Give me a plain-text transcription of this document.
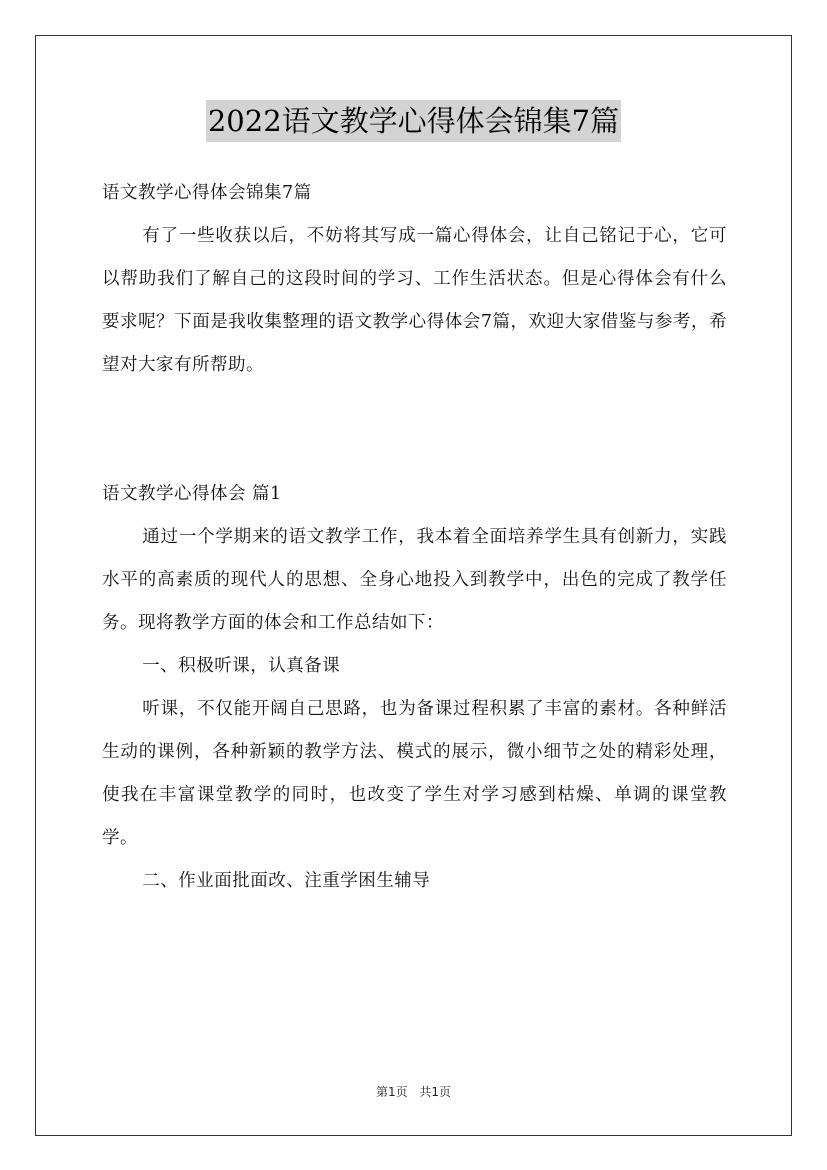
2022语文教学心得体会锦集7篇

语文教学心得体会锦集7篇

有了一些收获以后，不妨将其写成一篇心得体会，让自己铭记于心，它可以帮助我们了解自己的这段时间的学习、工作生活状态。但是心得体会有什么要求呢？下面是我收集整理的语文教学心得体会7篇，欢迎大家借鉴与参考，希望对大家有所帮助。

语文教学心得体会 篇1

通过一个学期来的语文教学工作，我本着全面培养学生具有创新力，实践水平的高素质的现代人的思想、全身心地投入到教学中，出色的完成了教学任务。现将教学方面的体会和工作总结如下：

一、积极听课，认真备课

听课，不仅能开阔自己思路，也为备课过程积累了丰富的素材。各种鲜活生动的课例，各种新颖的教学方法、模式的展示，微小细节之处的精彩处理，使我在丰富课堂教学的同时，也改变了学生对学习感到枯燥、单调的课堂教学。

二、作业面批面改、注重学困生辅导

第1页 共1页
